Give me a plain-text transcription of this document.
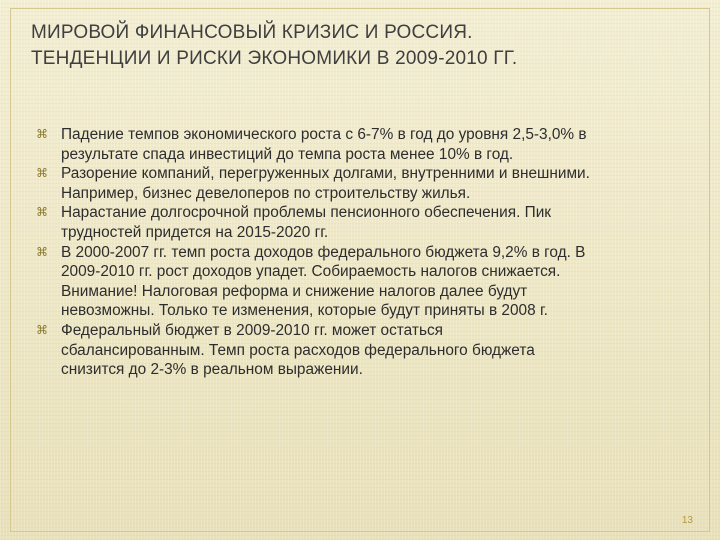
МИРОВОЙ ФИНАНСОВЫЙ КРИЗИС И РОССИЯ.
ТЕНДЕНЦИИ И РИСКИ ЭКОНОМИКИ В 2009-2010 ГГ.
⌘ Падение темпов экономического роста с 6-7% в год до уровня 2,5-3,0% в
результате спада инвестиций до темпа роста менее 10% в год.
⌘ Разорение компаний, перегруженных долгами, внутренними и внешними.
Например, бизнес девелоперов по строительству жилья.
⌘ Нарастание долгосрочной проблемы пенсионного обеспечения. Пик
трудностей придется на 2015-2020 гг.
⌘ В 2000-2007 гг. темп роста доходов федерального бюджета 9,2% в год. В
2009-2010 гг. рост доходов упадет. Собираемость налогов снижается.
Внимание! Налоговая реформа и снижение налогов далее будут
невозможны. Только те изменения, которые будут приняты в 2008 г.
⌘ Федеральный бюджет в 2009-2010 гг. может остаться
сбалансированным. Темп роста расходов федерального бюджета
снизится до 2-3% в реальном выражении.
13
